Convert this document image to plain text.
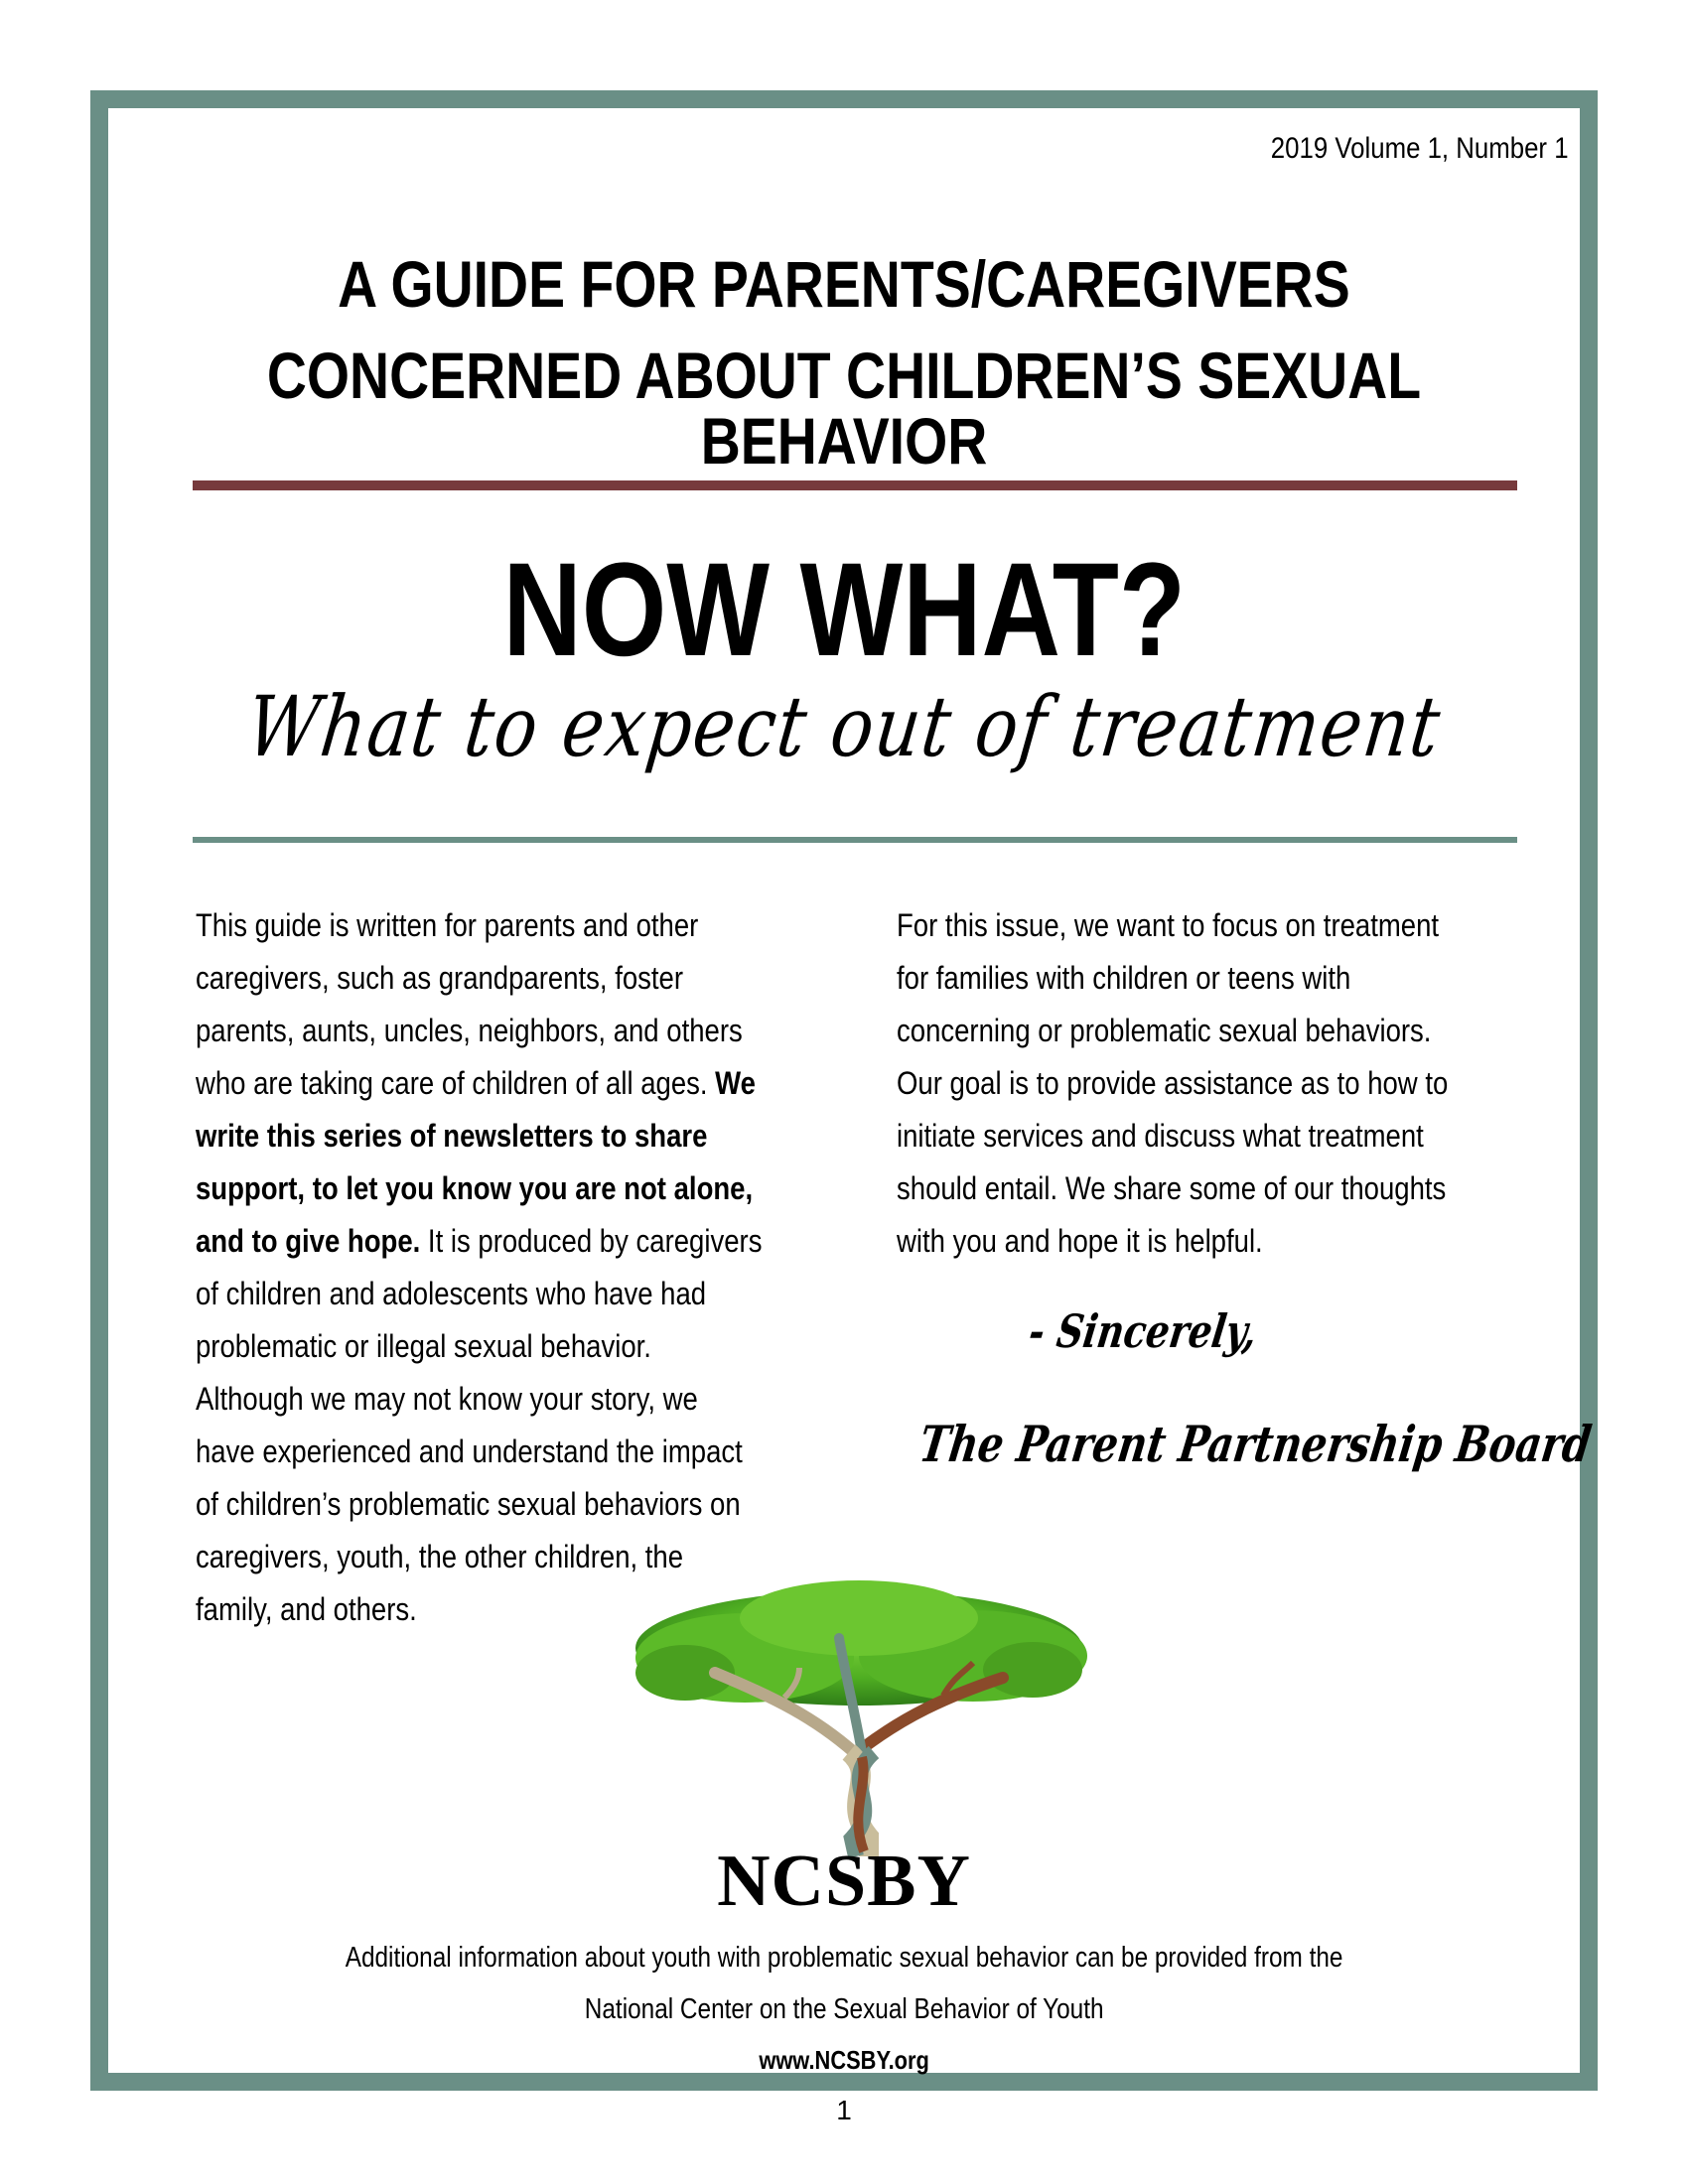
2019 Volume 1, Number 1
A GUIDE FOR PARENTS/CAREGIVERS
CONCERNED ABOUT CHILDREN’S SEXUAL BEHAVIOR
NOW WHAT?
What to expect out of treatment
This guide is written for parents and other
caregivers, such as grandparents, foster
parents, aunts, uncles, neighbors, and others
who are taking care of children of all ages. We
write this series of newsletters to share
support, to let you know you are not alone,
and to give hope. It is produced by caregivers
of children and adolescents who have had
problematic or illegal sexual behavior.
Although we may not know your story, we
have experienced and understand the impact
of children’s problematic sexual behaviors on
caregivers, youth, the other children, the
family, and others.
For this issue, we want to focus on treatment
for families with children or teens with
concerning or problematic sexual behaviors.
Our goal is to provide assistance as to how to
initiate services and discuss what treatment
should entail. We share some of our thoughts
with you and hope it is helpful.
- Sincerely,
The Parent Partnership Board
NCSBY
Additional information about youth with problematic sexual behavior can be provided from the
National Center on the Sexual Behavior of Youth
www.NCSBY.org
1
